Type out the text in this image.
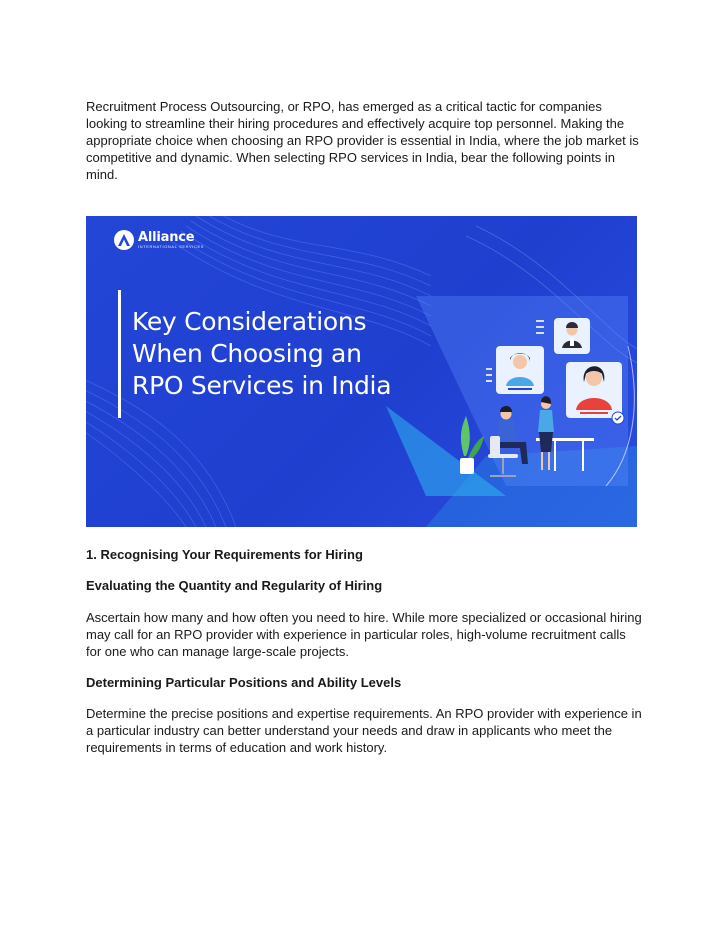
Recruitment Process Outsourcing, or RPO, has emerged as a critical tactic for companies looking to streamline their hiring procedures and effectively acquire top personnel. Making the appropriate choice when choosing an RPO provider is essential in India, where the job market is competitive and dynamic. When selecting RPO services in India, bear the following points in mind.

Alliance
INTERNATIONAL SERVICES
Key Considerations
When Choosing an
RPO Services in India

1. Recognising Your Requirements for Hiring

Evaluating the Quantity and Regularity of Hiring

Ascertain how many and how often you need to hire. While more specialized or occasional hiring may call for an RPO provider with experience in particular roles, high-volume recruitment calls for one who can manage large-scale projects.

Determining Particular Positions and Ability Levels

Determine the precise positions and expertise requirements. An RPO provider with experience in a particular industry can better understand your needs and draw in applicants who meet the requirements in terms of education and work history.
